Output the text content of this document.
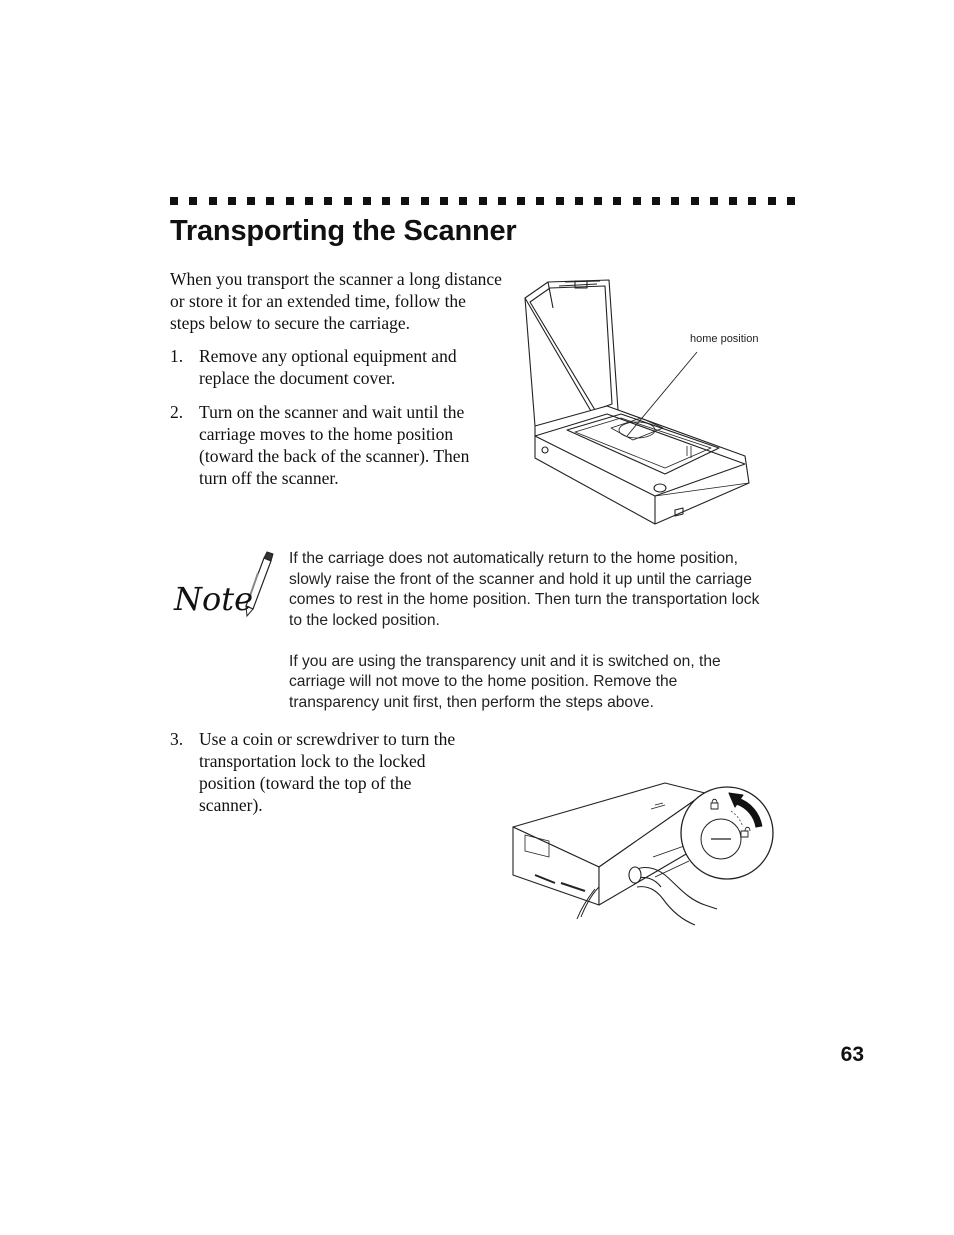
Transporting the Scanner

When you transport the scanner a long distance or store it for an extended time, follow the steps below to secure the carriage.

1. Remove any optional equipment and replace the document cover.
2. Turn on the scanner and wait until the carriage moves to the home position (toward the back of the scanner). Then turn off the scanner.
home position
Note

If the carriage does not automatically return to the home position, slowly raise the front of the scanner and hold it up until the carriage comes to rest in the home position. Then turn the transportation lock to the locked position.

If you are using the transparency unit and it is switched on, the carriage will not move to the home position. Remove the transparency unit first, then perform the steps above.

3. Use a coin or screwdriver to turn the transportation lock to the locked position (toward the top of the scanner).
63
